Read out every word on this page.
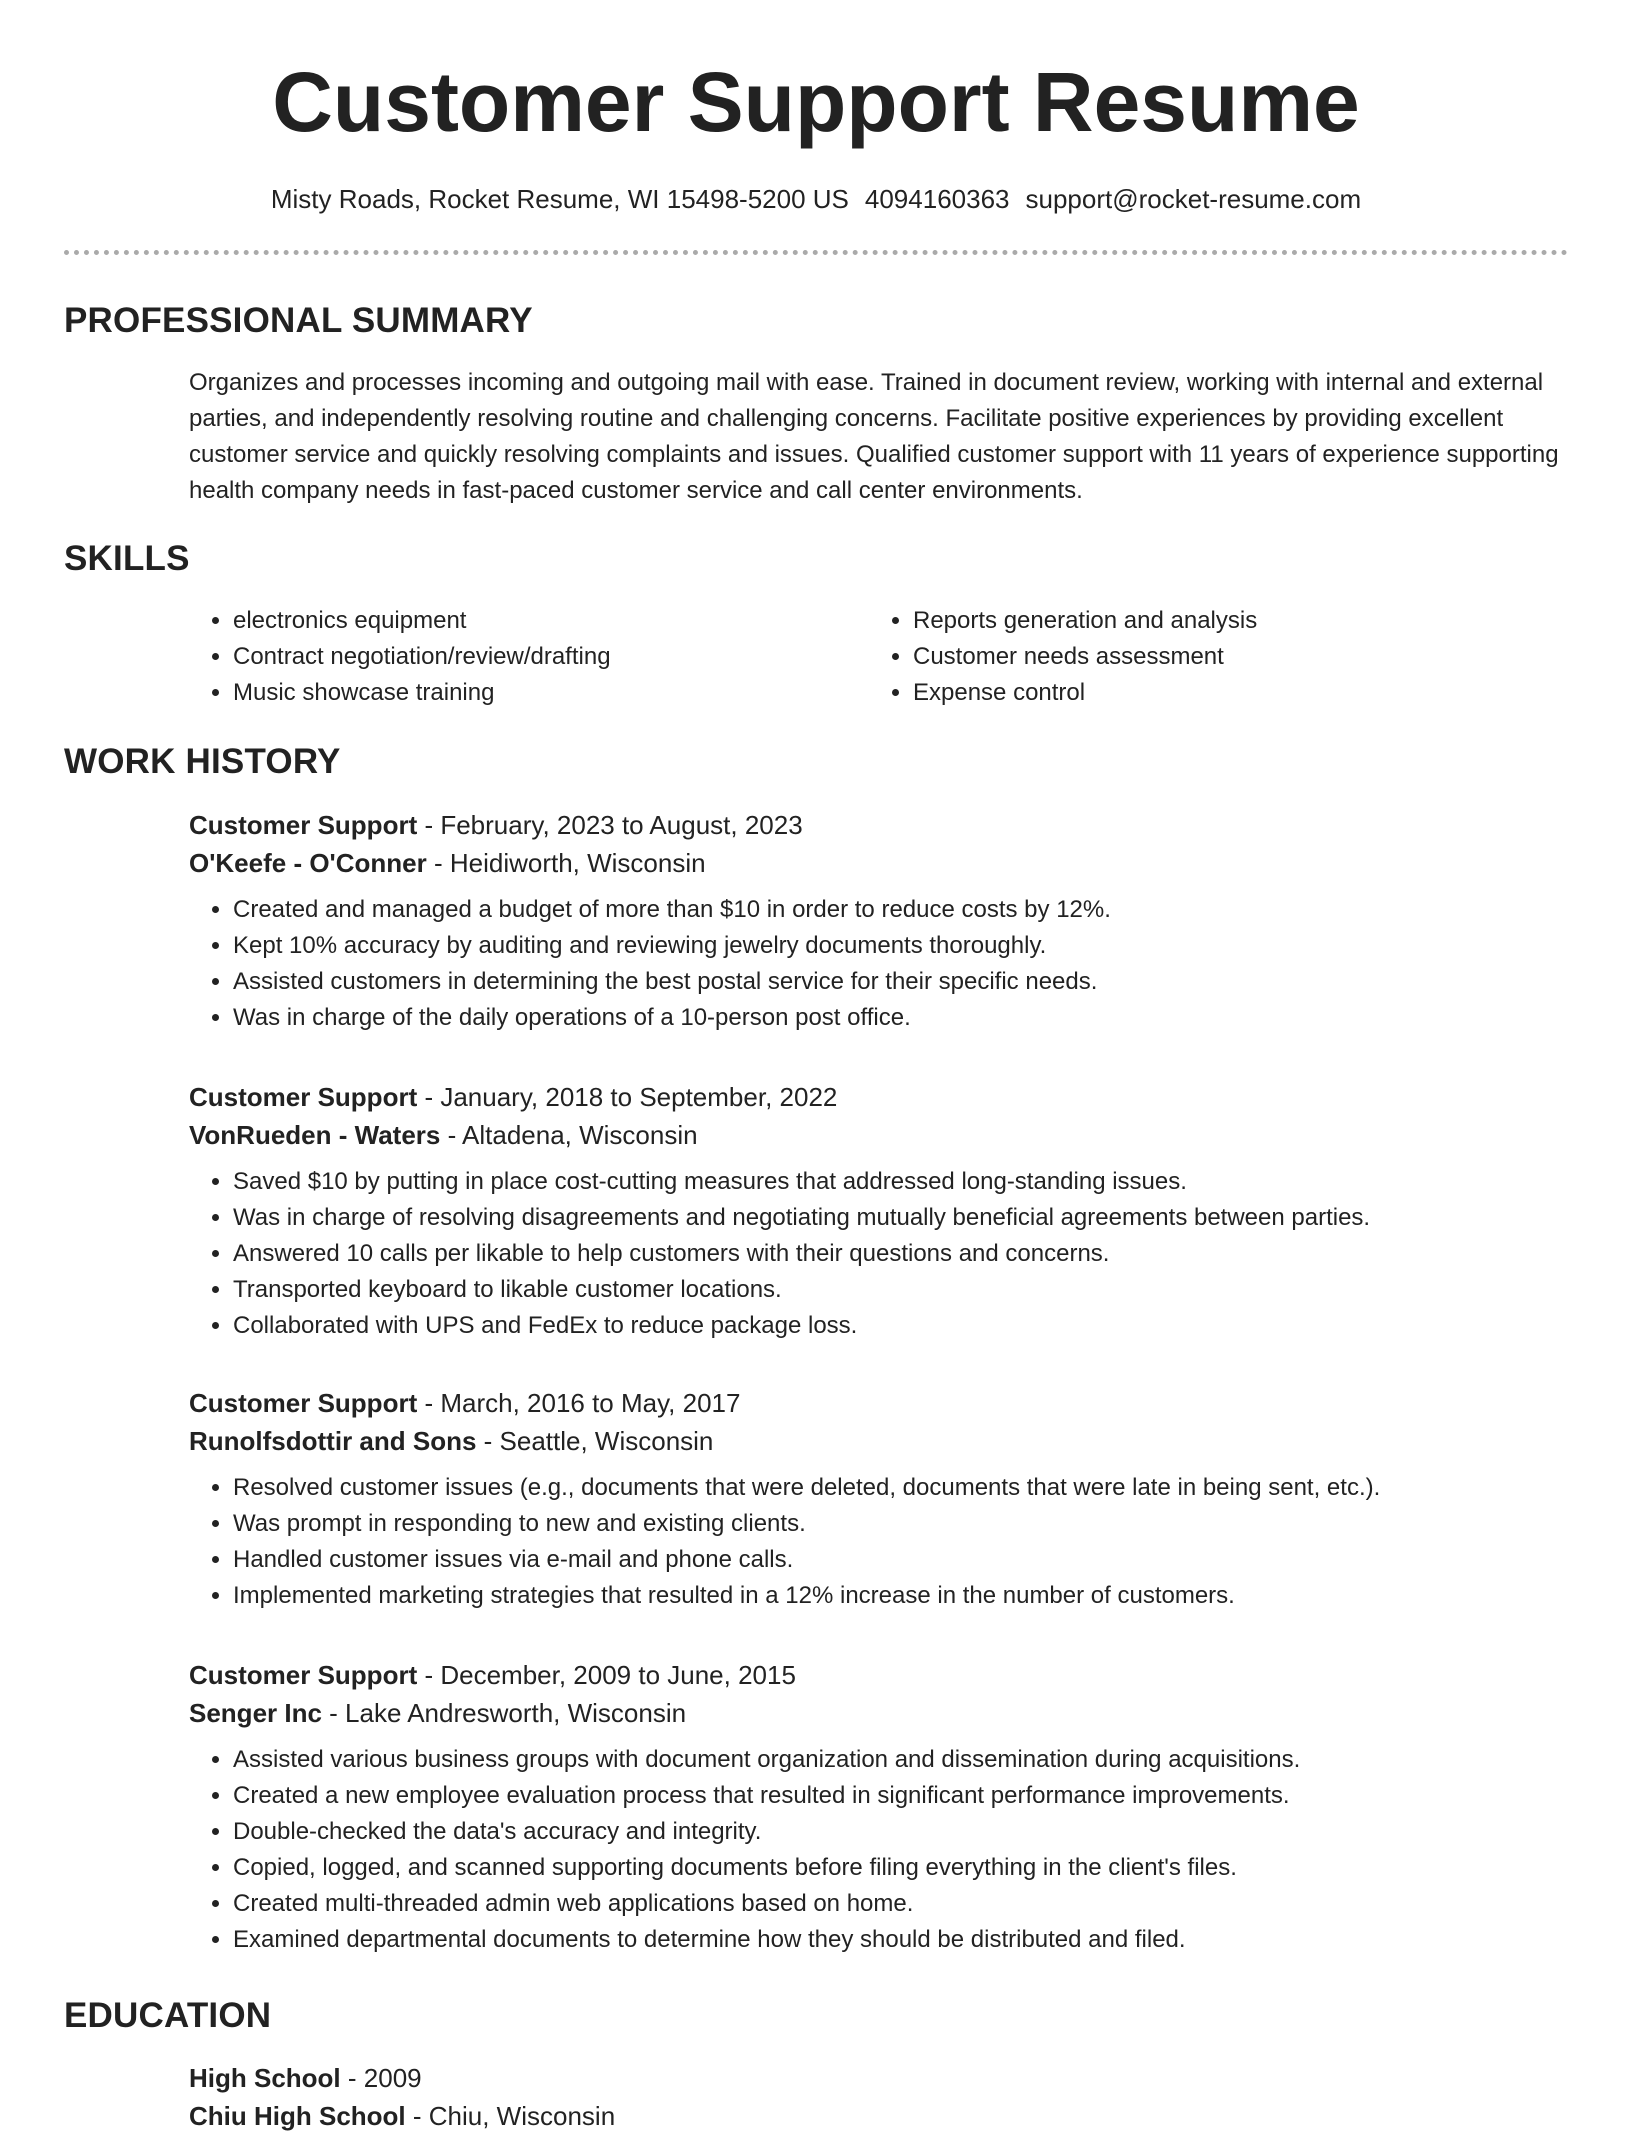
Customer Support Resume
Misty Roads, Rocket Resume, WI 15498-5200 US 4094160363 support@rocket-resume.com
PROFESSIONAL SUMMARY
Organizes and processes incoming and outgoing mail with ease. Trained in document review, working with internal and external parties, and independently resolving routine and challenging concerns. Facilitate positive experiences by providing excellent customer service and quickly resolving complaints and issues. Qualified customer support with 11 years of experience supporting health company needs in fast-paced customer service and call center environments.
SKILLS
• electronics equipment
• Contract negotiation/review/drafting
• Music showcase training
• Reports generation and analysis
• Customer needs assessment
• Expense control
WORK HISTORY
Customer Support - February, 2023 to August, 2023
O'Keefe - O'Conner - Heidiworth, Wisconsin
• Created and managed a budget of more than $10 in order to reduce costs by 12%.
• Kept 10% accuracy by auditing and reviewing jewelry documents thoroughly.
• Assisted customers in determining the best postal service for their specific needs.
• Was in charge of the daily operations of a 10-person post office.
Customer Support - January, 2018 to September, 2022
VonRueden - Waters - Altadena, Wisconsin
• Saved $10 by putting in place cost-cutting measures that addressed long-standing issues.
• Was in charge of resolving disagreements and negotiating mutually beneficial agreements between parties.
• Answered 10 calls per likable to help customers with their questions and concerns.
• Transported keyboard to likable customer locations.
• Collaborated with UPS and FedEx to reduce package loss.
Customer Support - March, 2016 to May, 2017
Runolfsdottir and Sons - Seattle, Wisconsin
• Resolved customer issues (e.g., documents that were deleted, documents that were late in being sent, etc.).
• Was prompt in responding to new and existing clients.
• Handled customer issues via e-mail and phone calls.
• Implemented marketing strategies that resulted in a 12% increase in the number of customers.
Customer Support - December, 2009 to June, 2015
Senger Inc - Lake Andresworth, Wisconsin
• Assisted various business groups with document organization and dissemination during acquisitions.
• Created a new employee evaluation process that resulted in significant performance improvements.
• Double-checked the data's accuracy and integrity.
• Copied, logged, and scanned supporting documents before filing everything in the client's files.
• Created multi-threaded admin web applications based on home.
• Examined departmental documents to determine how they should be distributed and filed.
EDUCATION
High School - 2009
Chiu High School - Chiu, Wisconsin
